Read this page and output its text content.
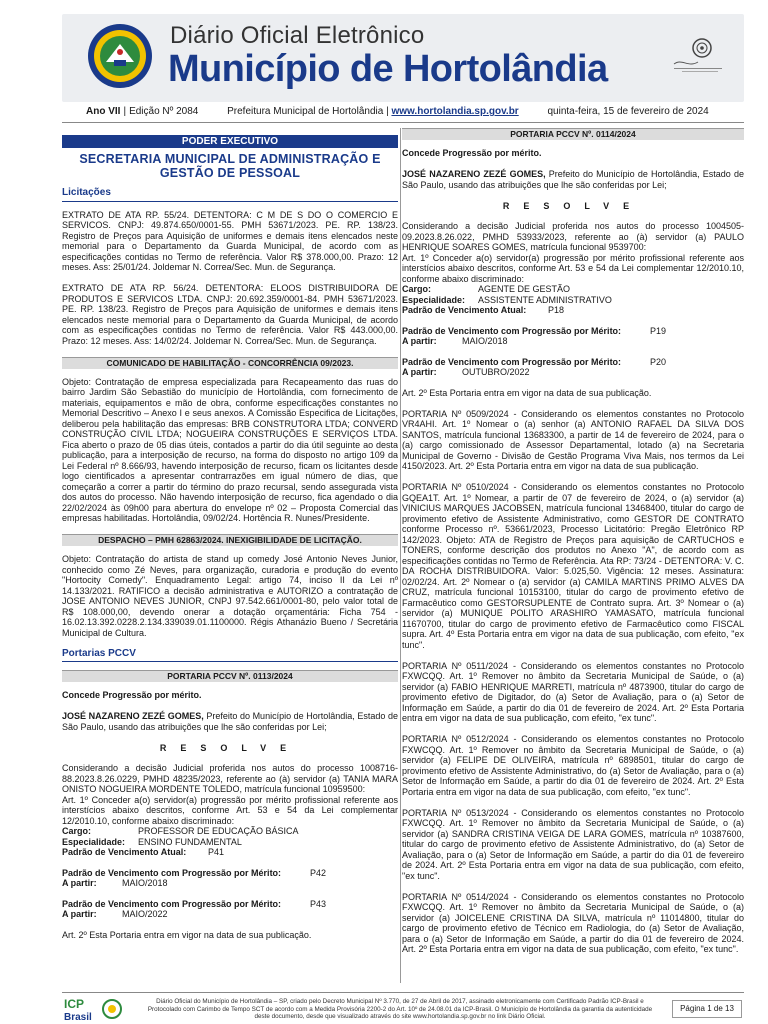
Diário Oficial Eletrônico
Município de Hortolândia
Ano VII | Edição Nº 2084	Prefeitura Municipal de Hortolândia | www.hortolandia.sp.gov.br	quinta-feira, 15 de fevereiro de 2024
PODER EXECUTIVO
SECRETARIA MUNICIPAL DE ADMINISTRAÇÃO E GESTÃO DE PESSOAL
Licitações

EXTRATO DE ATA RP. 55/24. DETENTORA: C M DE S DO O COMERCIO E SERVICOS. CNPJ: 49.874.650/0001-55. PMH 53671/2023. PE. RP. 138/23. Registro de Preços para Aquisição de uniformes e demais itens elencados neste memorial para o Departamento da Guarda Municipal, de acordo com as especificações contidas no Termo de referência. Valor R$ 378.000,00. Prazo: 12 meses. Ass: 25/01/24. Joldemar N. Correa/Sec. Mun. de Segurança.

EXTRATO DE ATA RP. 56/24. DETENTORA: ELOOS DISTRIBUIDORA DE PRODUTOS E SERVICOS LTDA. CNPJ: 20.692.359/0001-84. PMH 53671/2023. PE. RP. 138/23. Registro de Preços para Aquisição de uniformes e demais itens elencados neste memorial para o Departamento da Guarda Municipal, de acordo com as especificações contidas no Termo de referência. Valor R$ 443.000,00. Prazo: 12 meses. Ass: 14/02/24. Joldemar N. Correa/Sec. Mun. de Segurança.

COMUNICADO DE HABILITAÇÃO - CONCORRÊNCIA 09/2023.

Objeto: Contratação de empresa especializada para Recapeamento das ruas do bairro Jardim São Sebastião do município de Hortolândia, com fornecimento de materiais, equipamentos e mão de obra, conforme especificações constantes no Memorial Descritivo – Anexo I e seus anexos. A Comissão Especifica de Licitações, deliberou pela habilitação das empresas: BRB CONSTRUTORA LTDA; CONVERD CONSTRUÇÃO CIVIL LTDA; NOGUEIRA CONSTRUÇÕES E SERVIÇOS LTDA. Fica aberto o prazo de 05 dias úteis, contados a partir do dia útil seguinte ao desta publicação, para a interposição de recurso, na forma do disposto no artigo 109 da Lei Federal nº 8.666/93, havendo interposição de recurso, ficam os licitantes desde logo cientificados a apresentar contrarrazões em igual número de dias, que começarão a correr a partir do término do prazo recursal, sendo assegurada vista dos autos do processo. Não havendo interposição de recurso, fica agendado o dia 22/02/2024 às 09h00 para abertura do envelope nº 02 – Proposta Comercial das empresas habilitadas. Hortolândia, 09/02/24. Hortência R. Nunes/Presidente.

DESPACHO – PMH 62863/2024. INEXIGIBILIDADE DE LICITAÇÃO.

Objeto: Contratação do artista de stand up comedy José Antonio Neves Junior, conhecido como Zé Neves, para organização, curadoria e produção do evento "Hortocity Comedy". Enquadramento Legal: artigo 74, inciso II da Lei nº 14.133/2021. RATIFICO a decisão administrativa e AUTORIZO a contratação de JOSE ANTONIO NEVES JUNIOR, CNPJ 97.542.661/0001-80, pelo valor total de R$ 108.000,00, devendo onerar a dotação orçamentária: Ficha 754 - 16.02.13.392.0228.2.134.339039.01.1100000. Régis Athanázio Bueno / Secretária Municipal de Cultura.

Portarias PCCV
PORTARIA PCCV Nº. 0113/2024

Concede Progressão por mérito.

JOSÉ NAZARENO ZEZÉ GOMES, Prefeito do Município de Hortolândia, Estado de São Paulo, usando das atribuições que lhe são conferidas por Lei;

RESOLVE

Considerando a decisão Judicial proferida nos autos do processo 1008716-88.2023.8.26.0229, PMHD 48235/2023, referente ao (à) servidor (a) TANIA MARA ONISTO NOGUEIRA MORDENTE TOLEDO, matrícula funcional 10959500:

Art. 1º Conceder a(o) servidor(a) progressão por mérito profissional referente aos interstícios abaixo descritos, conforme Art. 53 e 54 da Lei complementar 12/2010.10, conforme abaixo discriminado:

Cargo:	PROFESSOR DE EDUCAÇÃO BÁSICA
Especialidade:	ENSINO FUNDAMENTAL
Padrão de Vencimento Atual:	P41
Padrão de Vencimento com Progressão por Mérito:	P42
A partir:	MAIO/2018
Padrão de Vencimento com Progressão por Mérito:	P43
A partir:	MAIO/2022

Art. 2º Esta Portaria entra em vigor na data de sua publicação.

PORTARIA PCCV Nº. 0114/2024

Concede Progressão por mérito.

JOSÉ NAZARENO ZEZÉ GOMES, Prefeito do Município de Hortolândia, Estado de São Paulo, usando das atribuições que lhe são conferidas por Lei;

RESOLVE

Considerando a decisão Judicial proferida nos autos do processo 1004505-09.2023.8.26.022, PMHD 53933/2023, referente ao (à) servidor (a) PAULO HENRIQUE SOARES GOMES, matrícula funcional 9539700:

Art. 1º Conceder a(o) servidor(a) progressão por mérito profissional referente aos interstícios abaixo descritos, conforme Art. 53 e 54 da Lei complementar 12/2010.10, conforme abaixo discriminado:

Cargo:	AGENTE DE GESTÃO
Especialidade:	ASSISTENTE ADMINISTRATIVO
Padrão de Vencimento Atual:	P18
Padrão de Vencimento com Progressão por Mérito:	P19
A partir:	MAIO/2018
Padrão de Vencimento com Progressão por Mérito:	P20
A partir:	OUTUBRO/2022

Art. 2º Esta Portaria entra em vigor na data de sua publicação.

PORTARIA Nº 0509/2024 - Considerando os elementos constantes no Protocolo VR4AHI. Art. 1º Nomear o (a) senhor (a) ANTONIO RAFAEL DA SILVA DOS SANTOS, matrícula funcional 13683300, a partir de 14 de fevereiro de 2024, para o (a) cargo comissionado de Assessor Departamental, lotado (a) na Secretaria Municipal de Governo - Divisão de Gestão Programa Viva Mais, nos termos da Lei 4150/2023. Art. 2º Esta Portaria entra em vigor na data de sua publicação.

PORTARIA Nº 0510/2024 - Considerando os elementos constantes no Protocolo GQEA1T. Art. 1º Nomear, a partir de 07 de fevereiro de 2024, o (a) servidor (a) VINICIUS MARQUES JACOBSEN, matrícula funcional 13468400, titular do cargo de provimento efetivo de Assistente Administrativo, como GESTOR DE CONTRATO conforme Processo nº. 53661/2023, Processo Licitatório: Pregão Eletrônico RP 142/2023. Objeto: ATA de Registro de Preços para aquisição de CARTUCHOS e TONERS, conforme descrição dos produtos no Anexo "A", de acordo com as especificações contidas no Termo de Referência. Ata RP: 73/24 - DETENTORA: V. C. DA ROCHA DISTRIBUIDORA. Valor: 5.025,50. Vigência: 12 meses. Assinatura: 02/02/24. Art. 2º Nomear o (a) servidor (a) CAMILA MARTINS PRIMO ALVES DA CRUZ, matrícula funcional 10153100, titular do cargo de provimento efetivo de Farmacêutico como GESTORSUPLENTE de Contrato supra. Art. 3º Nomear o (a) servidor (a) MUNIQUE POLITO ARASHIRO YAMASATO, matrícula funcional 11670700, titular do cargo de provimento efetivo de Farmacêutico como FISCAL supra. Art. 4º Esta Portaria entra em vigor na data de sua publicação, com efeito, "ex tunc".

PORTARIA Nº 0511/2024 - Considerando os elementos constantes no Protocolo FXWCQQ. Art. 1º Remover no âmbito da Secretaria Municipal de Saúde, o (a) servidor (a) FABIO HENRIQUE MARRETI, matrícula nº 4873900, titular do cargo de provimento efetivo de Digitador, do (a) Setor de Avaliação, para o (a) Setor de Informação em Saúde, a partir do dia 01 de fevereiro de 2024. Art. 2º Esta Portaria entra em vigor na data de sua publicação, com efeito, "ex tunc".

PORTARIA Nº 0512/2024 - Considerando os elementos constantes no Protocolo FXWCQQ. Art. 1º Remover no âmbito da Secretaria Municipal de Saúde, o (a) servidor (a) FELIPE DE OLIVEIRA, matrícula nº 6898501, titular do cargo de provimento efetivo de Assistente Administrativo, do (a) Setor de Avaliação, para o (a) Setor de Informação em Saúde, a partir do dia 01 de fevereiro de 2024. Art. 2º Esta Portaria entra em vigor na data de sua publicação, com efeito, "ex tunc".

PORTARIA Nº 0513/2024 - Considerando os elementos constantes no Protocolo FXWCQQ. Art. 1º Remover no âmbito da Secretaria Municipal de Saúde, o (a) servidor (a) SANDRA CRISTINA VEIGA DE LARA GOMES, matrícula nº 10387600, titular do cargo de provimento efetivo de Assistente Administrativo, do (a) Setor de Avaliação, para o (a) Setor de Informação em Saúde, a partir do dia 01 de fevereiro de 2024. Art. 2º Esta Portaria entra em vigor na data de sua publicação, com efeito, "ex tunc".

PORTARIA Nº 0514/2024 - Considerando os elementos constantes no Protocolo FXWCQQ. Art. 1º Remover no âmbito da Secretaria Municipal de Saúde, o (a) servidor (a) JOICELENE CRISTINA DA SILVA, matrícula nº 11014800, titular do cargo de provimento efetivo de Técnico em Radiologia, do (a) Setor de Avaliação, para o (a) Setor de Informação em Saúde, a partir do dia 01 de fevereiro de 2024. Art. 2º Esta Portaria entra em vigor na data de sua publicação, com efeito, "ex tunc".

ICP
Brasil
Diário Oficial do Município de Hortolândia – SP, criado pelo Decreto Municipal Nº 3.770, de 27 de Abril de 2017, assinado eletronicamente com Certificado Padrão ICP-Brasil e Protocolado com Carimbo de Tempo SCT de acordo com a Medida Provisória 2200-2 do Art. 10º de 24.08.01 da ICP-Brasil. O Município de Hortolândia da garantia da autenticidade deste documento, desde que visualizado através do site www.hortolandia.sp.gov.br no link Diário Oficial.
Página 1 de 13
